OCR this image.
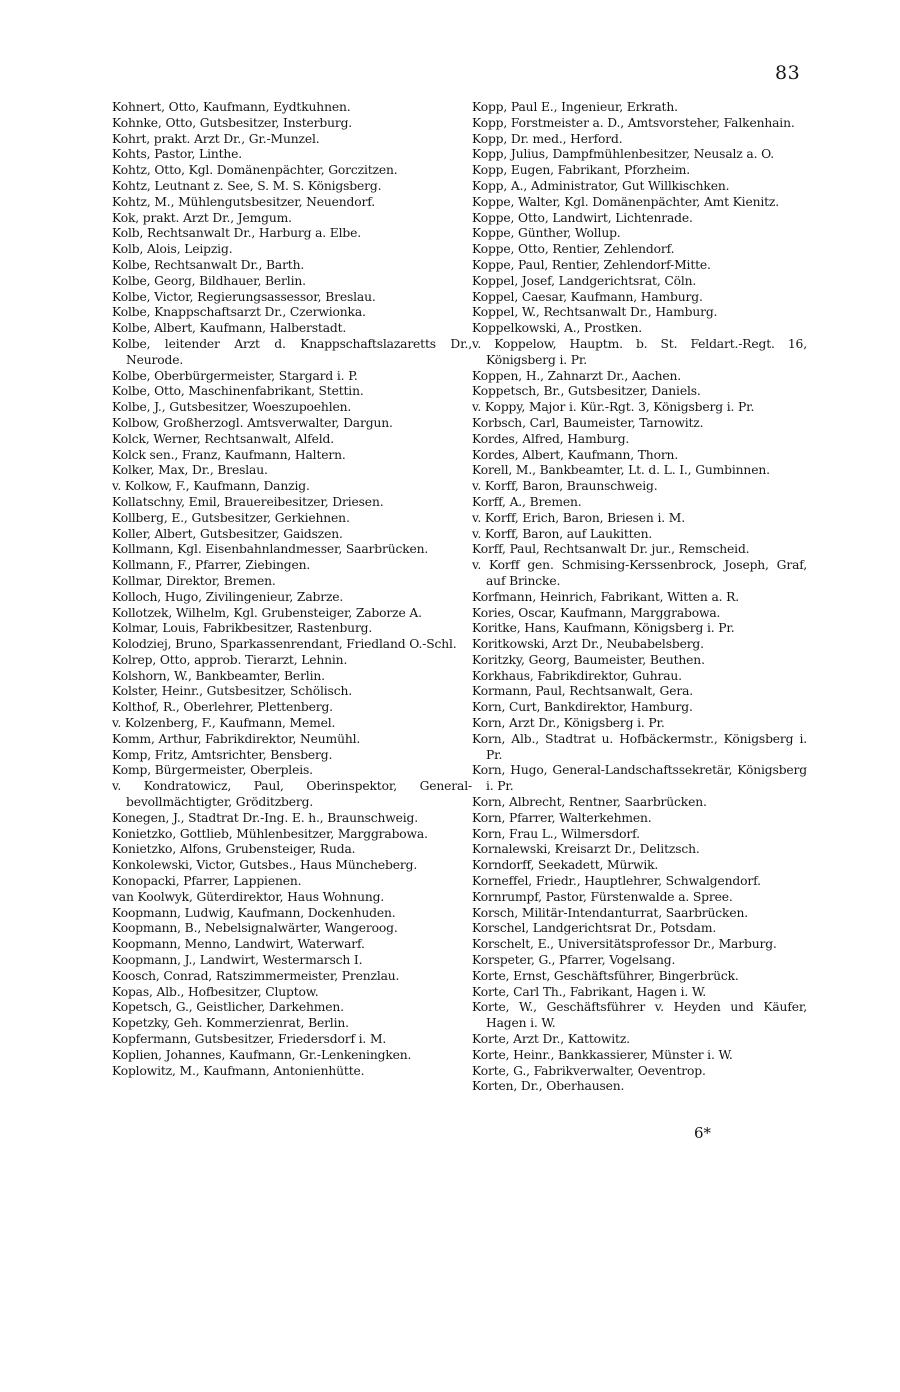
83
Kohnert, Otto, Kaufmann, Eydtkuhnen.
Kohnke, Otto, Gutsbesitzer, Insterburg.
Kohrt, prakt. Arzt Dr., Gr.-Munzel.
Kohts, Pastor, Linthe.
Kohtz, Otto, Kgl. Domänenpächter, Gorczitzen.
Kohtz, Leutnant z. See, S. M. S. Königsberg.
Kohtz, M., Mühlengutsbesitzer, Neuendorf.
Kok, prakt. Arzt Dr., Jemgum.
Kolb, Rechtsanwalt Dr., Harburg a. Elbe.
Kolb, Alois, Leipzig.
Kolbe, Rechtsanwalt Dr., Barth.
Kolbe, Georg, Bildhauer, Berlin.
Kolbe, Victor, Regierungsassessor, Breslau.
Kolbe, Knappschaftsarzt Dr., Czerwionka.
Kolbe, Albert, Kaufmann, Halberstadt.
Kolbe, leitender Arzt d. Knappschaftslazaretts Dr., Neurode.
Kolbe, Oberbürgermeister, Stargard i. P.
Kolbe, Otto, Maschinenfabrikant, Stettin.
Kolbe, J., Gutsbesitzer, Woeszupoehlen.
Kolbow, Großherzogl. Amtsverwalter, Dargun.
Kolck, Werner, Rechtsanwalt, Alfeld.
Kolck sen., Franz, Kaufmann, Haltern.
Kolker, Max, Dr., Breslau.
v. Kolkow, F., Kaufmann, Danzig.
Kollatschny, Emil, Brauereibesitzer, Driesen.
Kollberg, E., Gutsbesitzer, Gerkiehnen.
Koller, Albert, Gutsbesitzer, Gaidszen.
Kollmann, Kgl. Eisenbahnlandmesser, Saarbrücken.
Kollmann, F., Pfarrer, Ziebingen.
Kollmar, Direktor, Bremen.
Kolloch, Hugo, Zivilingenieur, Zabrze.
Kollotzek, Wilhelm, Kgl. Grubensteiger, Zaborze A.
Kolmar, Louis, Fabrikbesitzer, Rastenburg.
Kolodziej, Bruno, Sparkassenrendant, Friedland O.-Schl.
Kolrep, Otto, approb. Tierarzt, Lehnin.
Kolshorn, W., Bankbeamter, Berlin.
Kolster, Heinr., Gutsbesitzer, Schölisch.
Kolthof, R., Oberlehrer, Plettenberg.
v. Kolzenberg, F., Kaufmann, Memel.
Komm, Arthur, Fabrikdirektor, Neumühl.
Komp, Fritz, Amtsrichter, Bensberg.
Komp, Bürgermeister, Oberpleis.
v. Kondratowicz, Paul, Oberinspektor, General-bevollmächtigter, Gröditzberg.
Konegen, J., Stadtrat Dr.-Ing. E. h., Braunschweig.
Konietzko, Gottlieb, Mühlenbesitzer, Marggrabowa.
Konietzko, Alfons, Grubensteiger, Ruda.
Konkolewski, Victor, Gutsbes., Haus Müncheberg.
Konopacki, Pfarrer, Lappienen.
van Koolwyk, Güterdirektor, Haus Wohnung.
Koopmann, Ludwig, Kaufmann, Dockenhuden.
Koopmann, B., Nebelsignalwärter, Wangeroog.
Koopmann, Menno, Landwirt, Waterwarf.
Koopmann, J., Landwirt, Westermarsch I.
Koosch, Conrad, Ratszimmermeister, Prenzlau.
Kopas, Alb., Hofbesitzer, Cluptow.
Kopetsch, G., Geistlicher, Darkehmen.
Kopetzky, Geh. Kommerzienrat, Berlin.
Kopfermann, Gutsbesitzer, Friedersdorf i. M.
Koplien, Johannes, Kaufmann, Gr.-Lenkeningken.
Koplowitz, M., Kaufmann, Antonienhütte.
Kopp, Paul E., Ingenieur, Erkrath.
Kopp, Forstmeister a. D., Amtsvorsteher, Falkenhain.
Kopp, Dr. med., Herford.
Kopp, Julius, Dampfmühlenbesitzer, Neusalz a. O.
Kopp, Eugen, Fabrikant, Pforzheim.
Kopp, A., Administrator, Gut Willkischken.
Koppe, Walter, Kgl. Domänenpächter, Amt Kienitz.
Koppe, Otto, Landwirt, Lichtenrade.
Koppe, Günther, Wollup.
Koppe, Otto, Rentier, Zehlendorf.
Koppe, Paul, Rentier, Zehlendorf-Mitte.
Koppel, Josef, Landgerichtsrat, Cöln.
Koppel, Caesar, Kaufmann, Hamburg.
Koppel, W., Rechtsanwalt Dr., Hamburg.
Koppelkowski, A., Prostken.
v. Koppelow, Hauptm. b. St. Feldart.-Regt. 16, Königsberg i. Pr.
Koppen, H., Zahnarzt Dr., Aachen.
Koppetsch, Br., Gutsbesitzer, Daniels.
v. Koppy, Major i. Kür.-Rgt. 3, Königsberg i. Pr.
Korbsch, Carl, Baumeister, Tarnowitz.
Kordes, Alfred, Hamburg.
Kordes, Albert, Kaufmann, Thorn.
Korell, M., Bankbeamter, Lt. d. L. I., Gumbinnen.
v. Korff, Baron, Braunschweig.
Korff, A., Bremen.
v. Korff, Erich, Baron, Briesen i. M.
v. Korff, Baron, auf Laukitten.
Korff, Paul, Rechtsanwalt Dr. jur., Remscheid.
v. Korff gen. Schmising-Kerssenbrock, Joseph, Graf, auf Brincke.
Korfmann, Heinrich, Fabrikant, Witten a. R.
Kories, Oscar, Kaufmann, Marggrabowa.
Koritke, Hans, Kaufmann, Königsberg i. Pr.
Koritkowski, Arzt Dr., Neubabelsberg.
Koritzky, Georg, Baumeister, Beuthen.
Korkhaus, Fabrikdirektor, Guhrau.
Kormann, Paul, Rechtsanwalt, Gera.
Korn, Curt, Bankdirektor, Hamburg.
Korn, Arzt Dr., Königsberg i. Pr.
Korn, Alb., Stadtrat u. Hofbäckermstr., Königsberg i. Pr.
Korn, Hugo, General-Landschaftssekretär, Königsberg i. Pr.
Korn, Albrecht, Rentner, Saarbrücken.
Korn, Pfarrer, Walterkehmen.
Korn, Frau L., Wilmersdorf.
Kornalewski, Kreisarzt Dr., Delitzsch.
Korndorff, Seekadett, Mürwik.
Korneffel, Friedr., Hauptlehrer, Schwalgendorf.
Kornrumpf, Pastor, Fürstenwalde a. Spree.
Korsch, Militär-Intendanturrat, Saarbrücken.
Korschel, Landgerichtsrat Dr., Potsdam.
Korschelt, E., Universitätsprofessor Dr., Marburg.
Korspeter, G., Pfarrer, Vogelsang.
Korte, Ernst, Geschäftsführer, Bingerbrück.
Korte, Carl Th., Fabrikant, Hagen i. W.
Korte, W., Geschäftsführer v. Heyden und Käufer, Hagen i. W.
Korte, Arzt Dr., Kattowitz.
Korte, Heinr., Bankkassierer, Münster i. W.
Korte, G., Fabrikverwalter, Oeventrop.
Korten, Dr., Oberhausen.
6*
